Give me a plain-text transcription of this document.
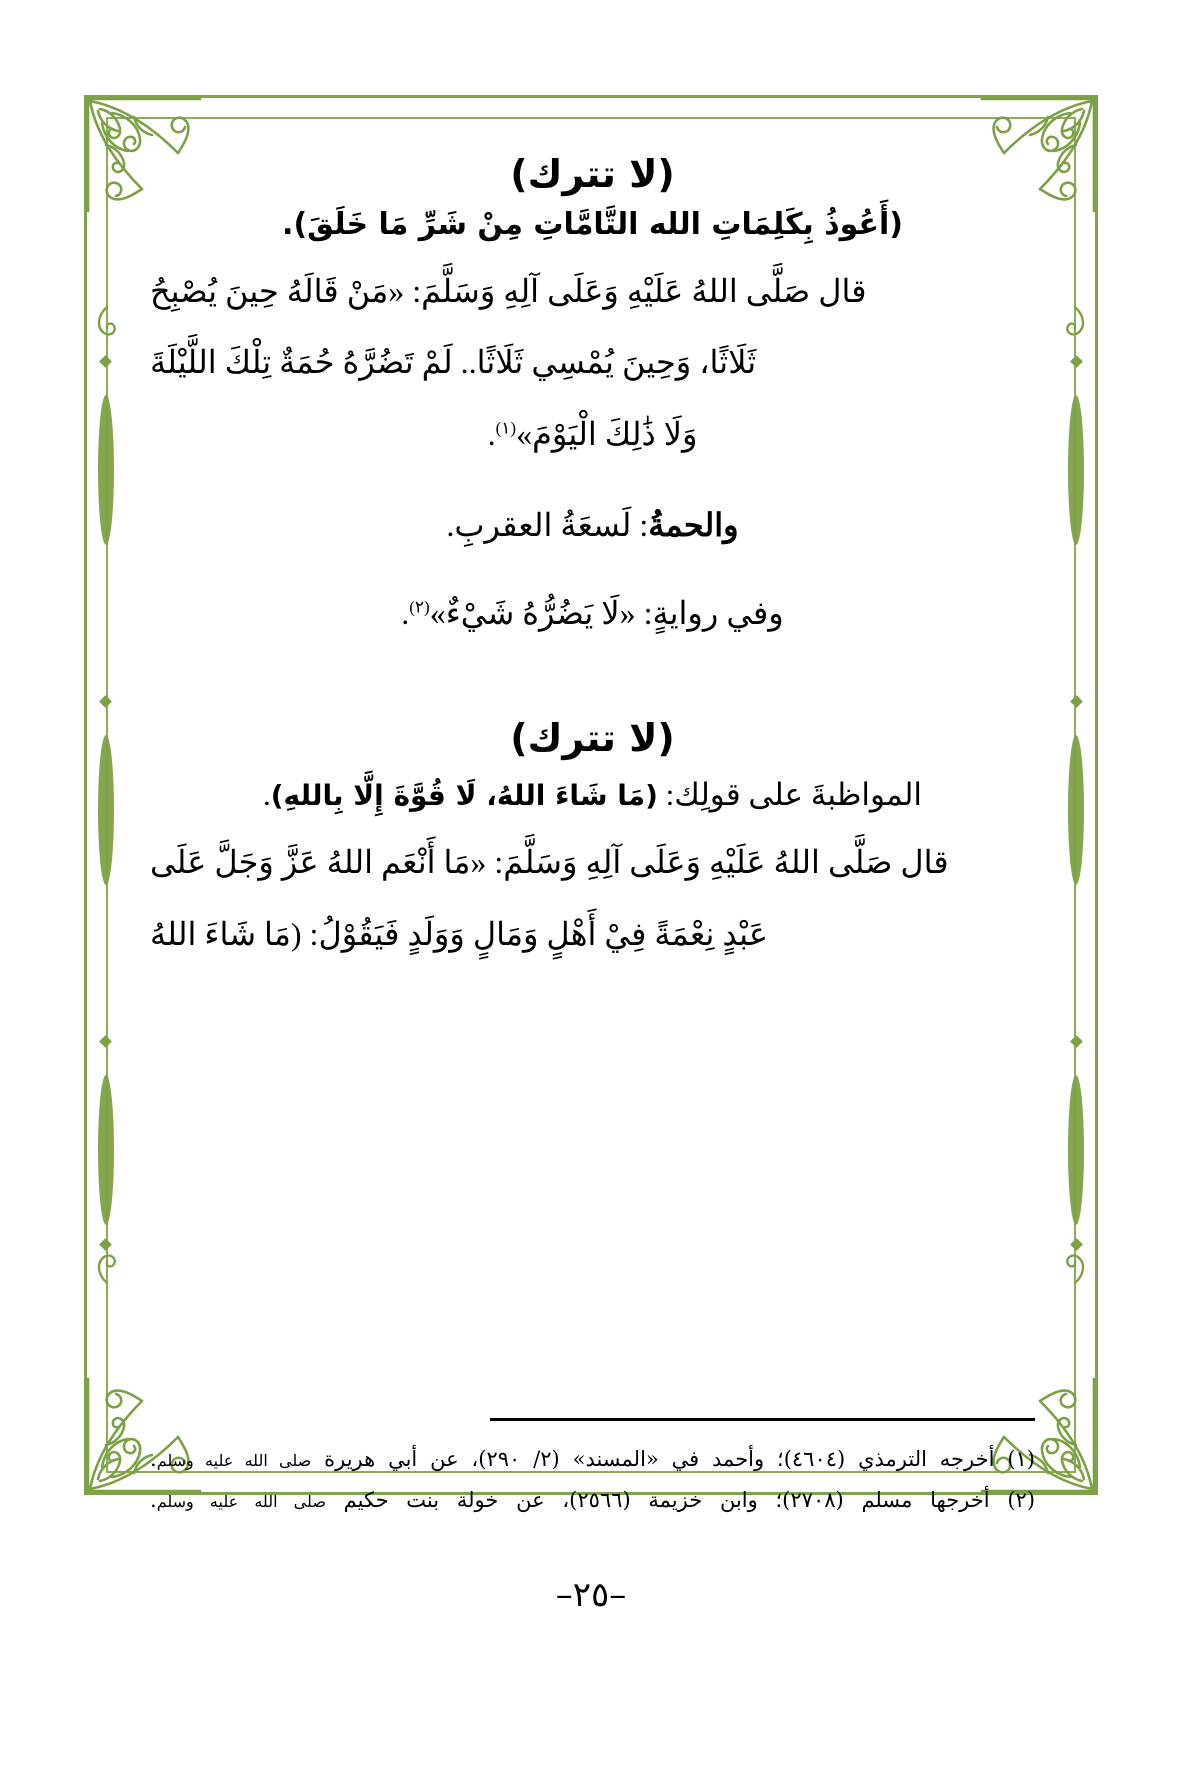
(لا تترك)
(أَعُوذُ بِكَلِمَاتِ الله التَّامَّاتِ مِنْ شَرِّ مَا خَلَقَ).
قال صَلَّى اللهُ عَلَيْهِ وَعَلَى آلِهِ وَسَلَّمَ: «مَنْ قَالَهُ حِينَ يُصْبِحُ
ثَلَاثًا، وَحِينَ يُمْسِي ثَلَاثًا.. لَمْ تَضُرَّهُ حُمَةٌ تِلْكَ اللَّيْلَةَ
وَلَا ذَٰلِكَ الْيَوْمَ»$^{(١)}$.
والحمةُ: لَسعَةُ العقربِ.
وفي روايةٍ: «لَا يَضُرُّهُ شَيْءٌ»$^{(٢)}$.
(لا تترك)
المواظبةَ على قولِك: (مَا شَاءَ اللهُ، لَا قُوَّةَ إِلَّا بِاللهِ).
قال صَلَّى اللهُ عَلَيْهِ وَعَلَى آلِهِ وَسَلَّمَ: «مَا أَنْعَم اللهُ عَزَّ وَجَلَّ عَلَى
عَبْدٍ نِعْمَةً فِيْ أَهْلٍ وَمَالٍ وَوَلَدٍ فَيَقُوْلُ: (مَا شَاءَ اللهُ
(١) أخرجه الترمذي (٤٦٠٤)؛ وأحمد في «المسند» (٢/ ٢٩٠)، عن أبي هريرة صلى الله عليه وسلم.
(٢) أخرجها مسلم (٢٧٠٨)؛ وابن خزيمة (٢٥٦٦)، عن خولة بنت حكيم صلى الله عليه وسلم.
–٢٥–
